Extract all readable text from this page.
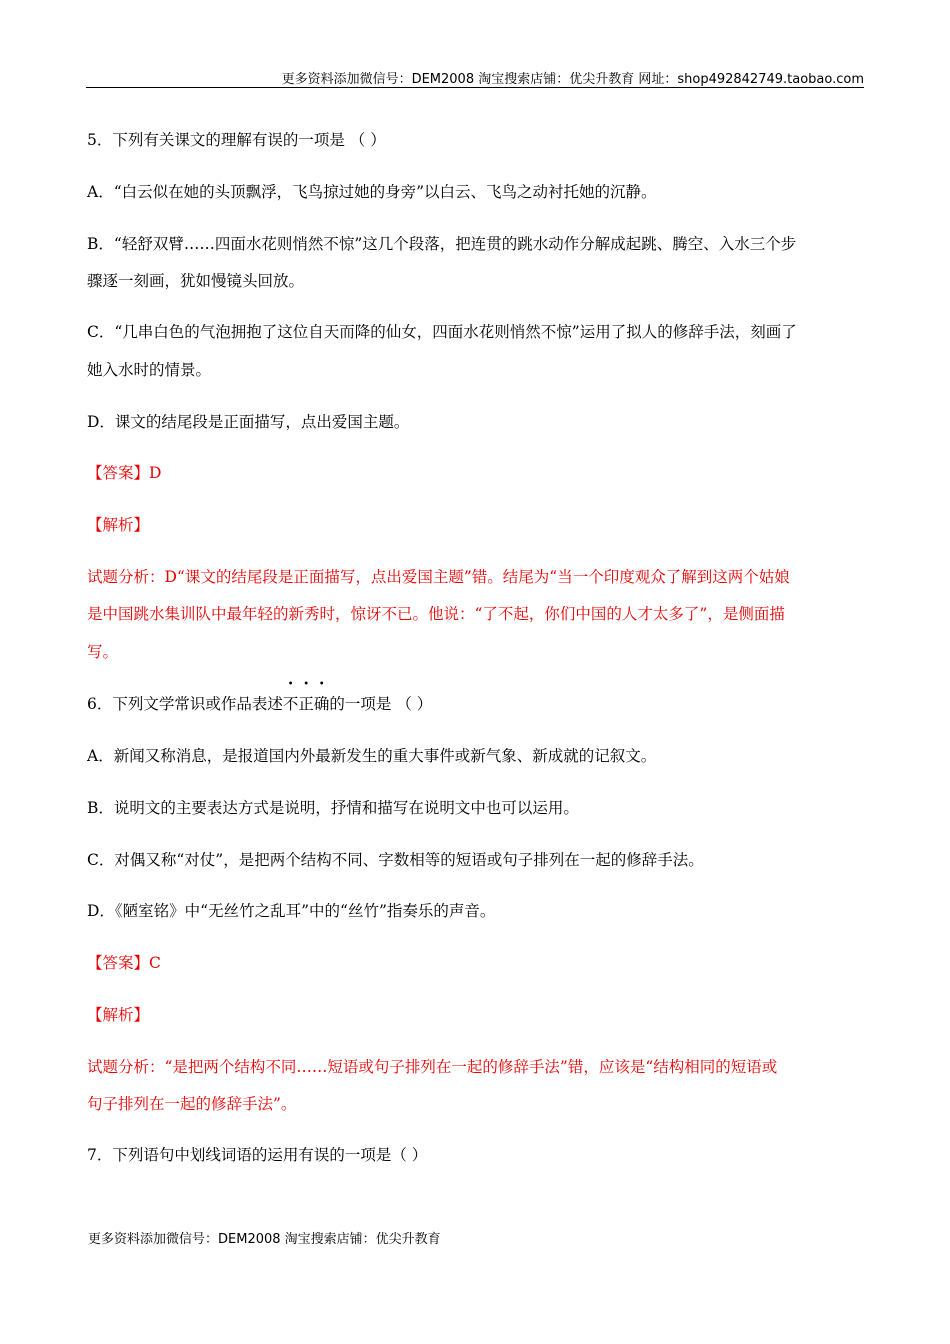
更多资料添加微信号：DEM2008 淘宝搜索店铺：优尖升教育 网址：shop492842749.taobao.com
5．下列有关课文的理解有误的一项是 （ ）
A．“白云似在她的头顶飘浮，飞鸟掠过她的身旁”以白云、飞鸟之动衬托她的沉静。
B．“轻舒双臂……四面水花则悄然不惊”这几个段落，把连贯的跳水动作分解成起跳、腾空、入水三个步
骤逐一刻画，犹如慢镜头回放。
C．“几串白色的气泡拥抱了这位自天而降的仙女，四面水花则悄然不惊”运用了拟人的修辞手法，刻画了
她入水时的情景。
D．课文的结尾段是正面描写，点出爱国主题。
【答案】D
【解析】
试题分析：D“课文的结尾段是正面描写，点出爱国主题”错。结尾为“当一个印度观众了解到这两个姑娘
是中国跳水集训队中最年轻的新秀时，惊讶不已。他说：“了不起，你们中国的人才太多了”，是侧面描
写。
6．下列文学常识或作品表述不正确的一项是 （ ）
A．新闻又称消息，是报道国内外最新发生的重大事件或新气象、新成就的记叙文。
B．说明文的主要表达方式是说明，抒情和描写在说明文中也可以运用。
C．对偶又称“对仗”，是把两个结构不同、字数相等的短语或句子排列在一起的修辞手法。
D．《陋室铭》中“无丝竹之乱耳”中的“丝竹”指奏乐的声音。
【答案】C
【解析】
试题分析：“是把两个结构不同……短语或句子排列在一起的修辞手法”错，应该是“结构相同的短语或
句子排列在一起的修辞手法”。
7．下列语句中划线词语的运用有误的一项是（ ）
更多资料添加微信号：DEM2008 淘宝搜索店铺：优尖升教育
